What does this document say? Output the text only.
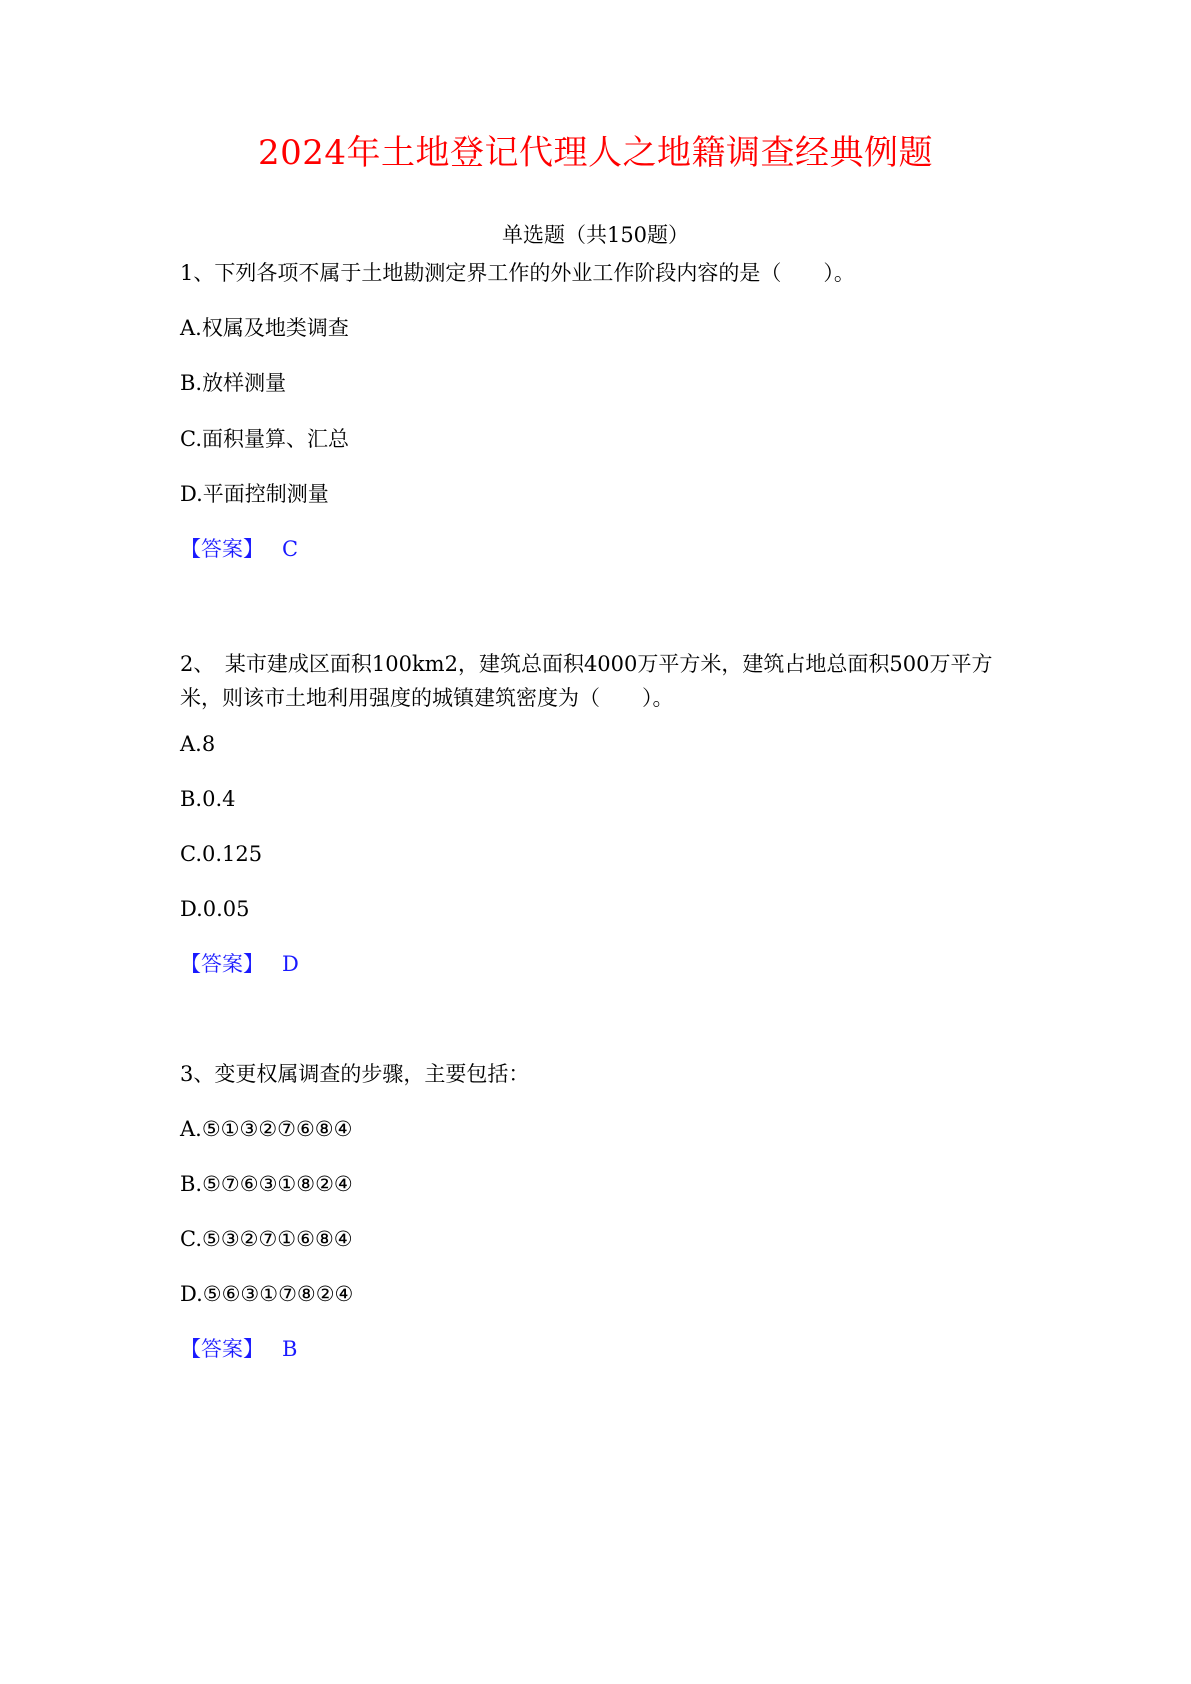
2024年土地登记代理人之地籍调查经典例题
单选题（共150题）
1、下列各项不属于土地勘测定界工作的外业工作阶段内容的是（　　）。
A.权属及地类调查
B.放样测量
C.面积量算、汇总
D.平面控制测量
【答案】 C
2、　某市建成区面积100km2，建筑总面积4000万平方米，建筑占地总面积500万平方米，则该市土地利用强度的城镇建筑密度为（　　）。
A.8
B.0.4
C.0.125
D.0.05
【答案】 D
3、变更权属调查的步骤，主要包括：
A.⑤①③②⑦⑥⑧④
B.⑤⑦⑥③①⑧②④
C.⑤③②⑦①⑥⑧④
D.⑤⑥③①⑦⑧②④
【答案】 B
